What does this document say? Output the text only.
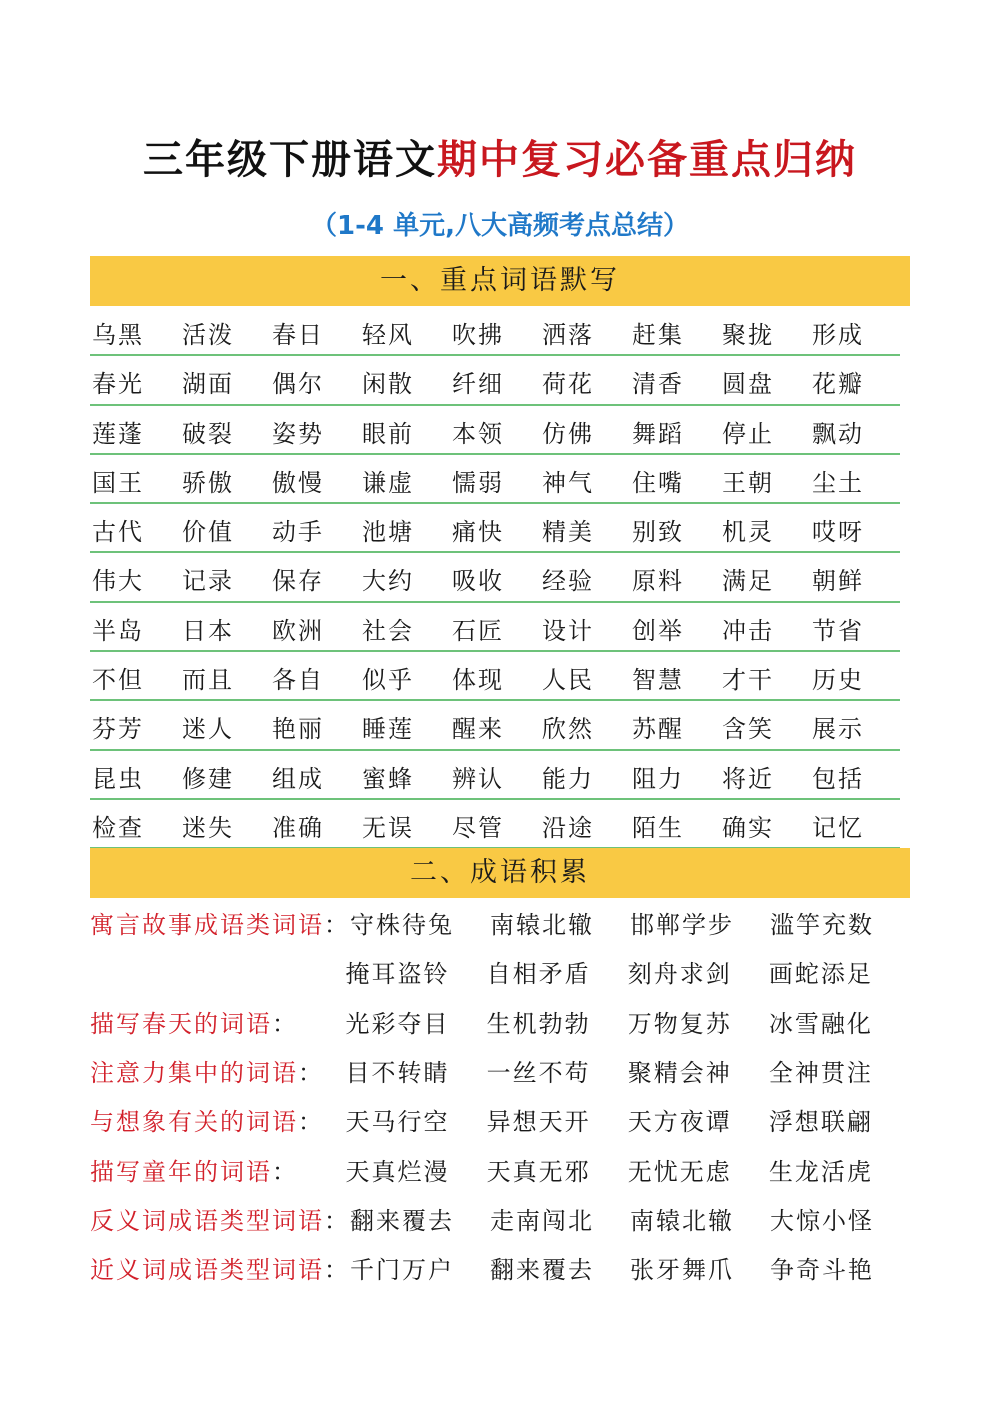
三年级下册语文期中复习必备重点归纳
（1-4 单元,八大高频考点总结）
一、重点词语默写
乌黑	活泼	春日	轻风	吹拂	洒落	赶集	聚拢	形成
春光	湖面	偶尔	闲散	纤细	荷花	清香	圆盘	花瓣
莲蓬	破裂	姿势	眼前	本领	仿佛	舞蹈	停止	飘动
国王	骄傲	傲慢	谦虚	懦弱	神气	住嘴	王朝	尘土
古代	价值	动手	池塘	痛快	精美	别致	机灵	哎呀
伟大	记录	保存	大约	吸收	经验	原料	满足	朝鲜
半岛	日本	欧洲	社会	石匠	设计	创举	冲击	节省
不但	而且	各自	似乎	体现	人民	智慧	才干	历史
芬芳	迷人	艳丽	睡莲	醒来	欣然	苏醒	含笑	展示
昆虫	修建	组成	蜜蜂	辨认	能力	阻力	将近	包括
检查	迷失	准确	无误	尽管	沿途	陌生	确实	记忆
二、成语积累
寓言故事成语类词语： 守株待兔	南辕北辙	邯郸学步	滥竽充数
掩耳盗铃	自相矛盾	刻舟求剑	画蛇添足
描写春天的词语：	光彩夺目	生机勃勃	万物复苏	冰雪融化
注意力集中的词语： 目不转睛	一丝不苟	聚精会神	全神贯注
与想象有关的词语： 天马行空	异想天开	天方夜谭	浮想联翩
描写童年的词语：	天真烂漫	天真无邪	无忧无虑	生龙活虎
反义词成语类型词语： 翻来覆去	走南闯北	南辕北辙	大惊小怪
近义词成语类型词语： 千门万户	翻来覆去	张牙舞爪	争奇斗艳
